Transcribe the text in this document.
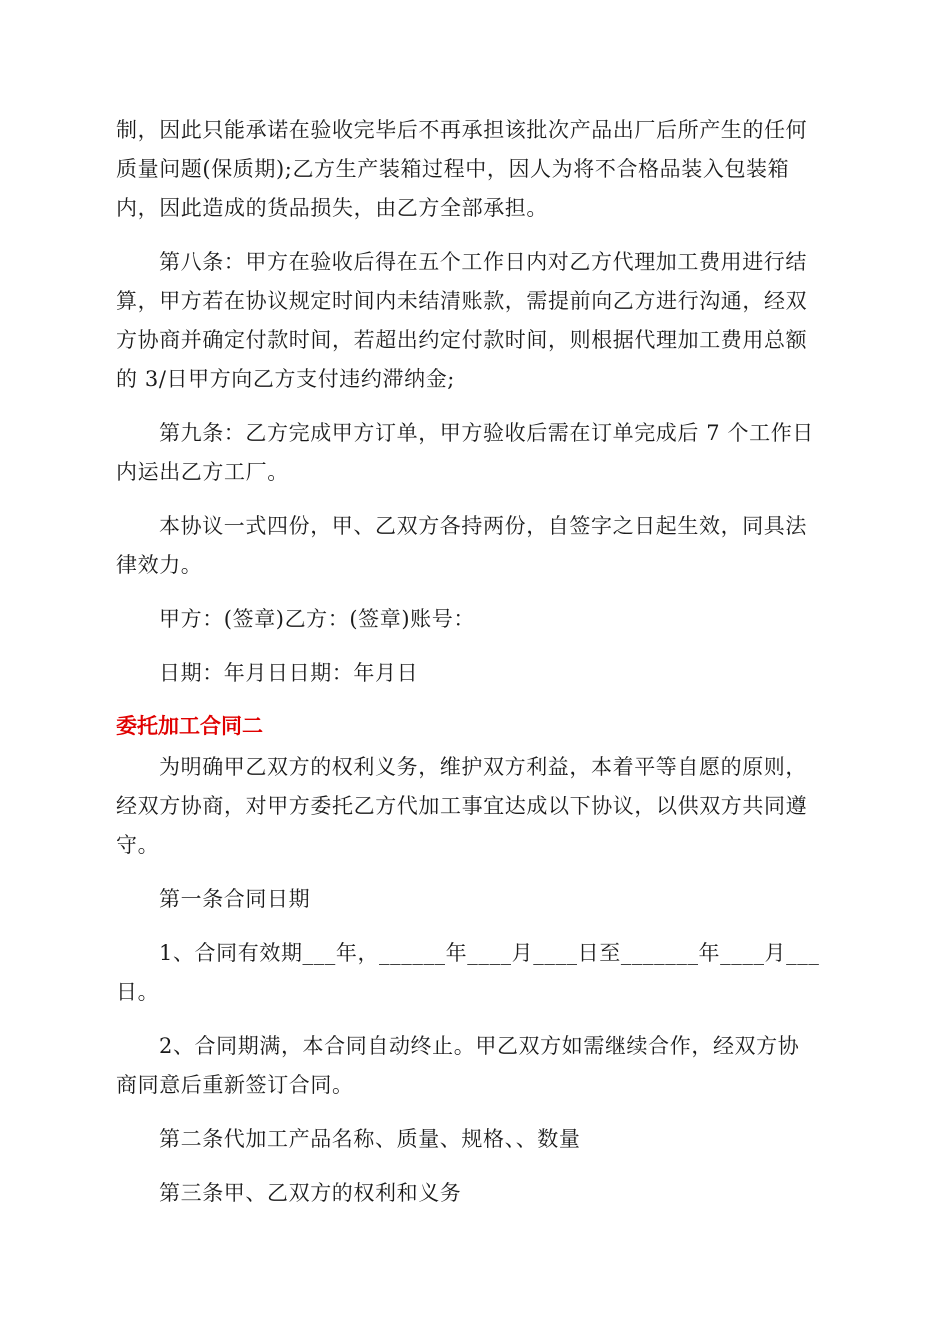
制，因此只能承诺在验收完毕后不再承担该批次产品出厂后所产生的任何
质量问题(保质期);乙方生产装箱过程中，因人为将不合格品装入包装箱
内，因此造成的货品损失，由乙方全部承担。
第八条：甲方在验收后得在五个工作日内对乙方代理加工费用进行结
算，甲方若在协议规定时间内未结清账款，需提前向乙方进行沟通，经双
方协商并确定付款时间，若超出约定付款时间，则根据代理加工费用总额
的 3/日甲方向乙方支付违约滞纳金;
第九条：乙方完成甲方订单，甲方验收后需在订单完成后 7 个工作日
内运出乙方工厂。
本协议一式四份，甲、乙双方各持两份，自签字之日起生效，同具法
律效力。
甲方：(签章)乙方：(签章)账号：
日期：年月日日期：年月日
委托加工合同二
为明确甲乙双方的权利义务，维护双方利益，本着平等自愿的原则，
经双方协商，对甲方委托乙方代加工事宜达成以下协议，以供双方共同遵
守。
第一条合同日期
1、合同有效期___年，______年____月____日至_______年____月___
日。
2、合同期满，本合同自动终止。甲乙双方如需继续合作，经双方协
商同意后重新签订合同。
第二条代加工产品名称、质量、规格、、数量
第三条甲、乙双方的权利和义务
